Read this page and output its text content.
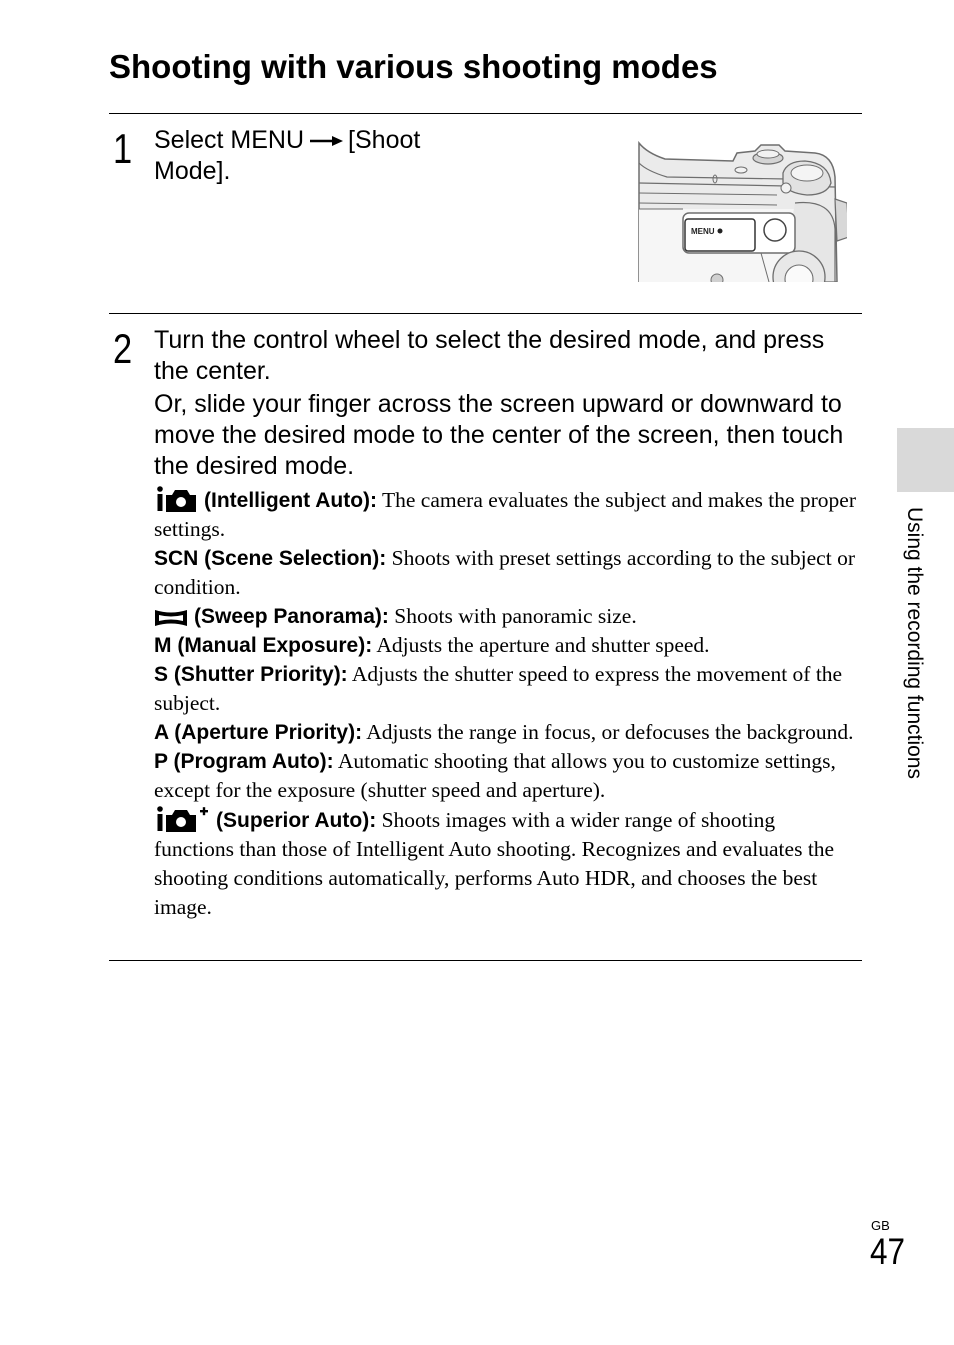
Shooting with various shooting modes
1 Select MENU [Shoot Mode].
MENU
2 Turn the control wheel to select the desired mode, and press the center.

Or, slide your finger across the screen upward or downward to move the desired mode to the center of the screen, then touch the desired mode.

(Intelligent Auto): The camera evaluates the subject and makes the proper settings.

SCN (Scene Selection): Shoots with preset settings according to the subject or condition.

(Sweep Panorama): Shoots with panoramic size.

M (Manual Exposure): Adjusts the aperture and shutter speed.

S (Shutter Priority): Adjusts the shutter speed to express the movement of the subject.

A (Aperture Priority): Adjusts the range in focus, or defocuses the background.

P (Program Auto): Automatic shooting that allows you to customize settings, except for the exposure (shutter speed and aperture).

(Superior Auto): Shoots images with a wider range of shooting functions than those of Intelligent Auto shooting. Recognizes and evaluates the shooting conditions automatically, performs Auto HDR, and chooses the best image.

Using the recording functions
GB
47
